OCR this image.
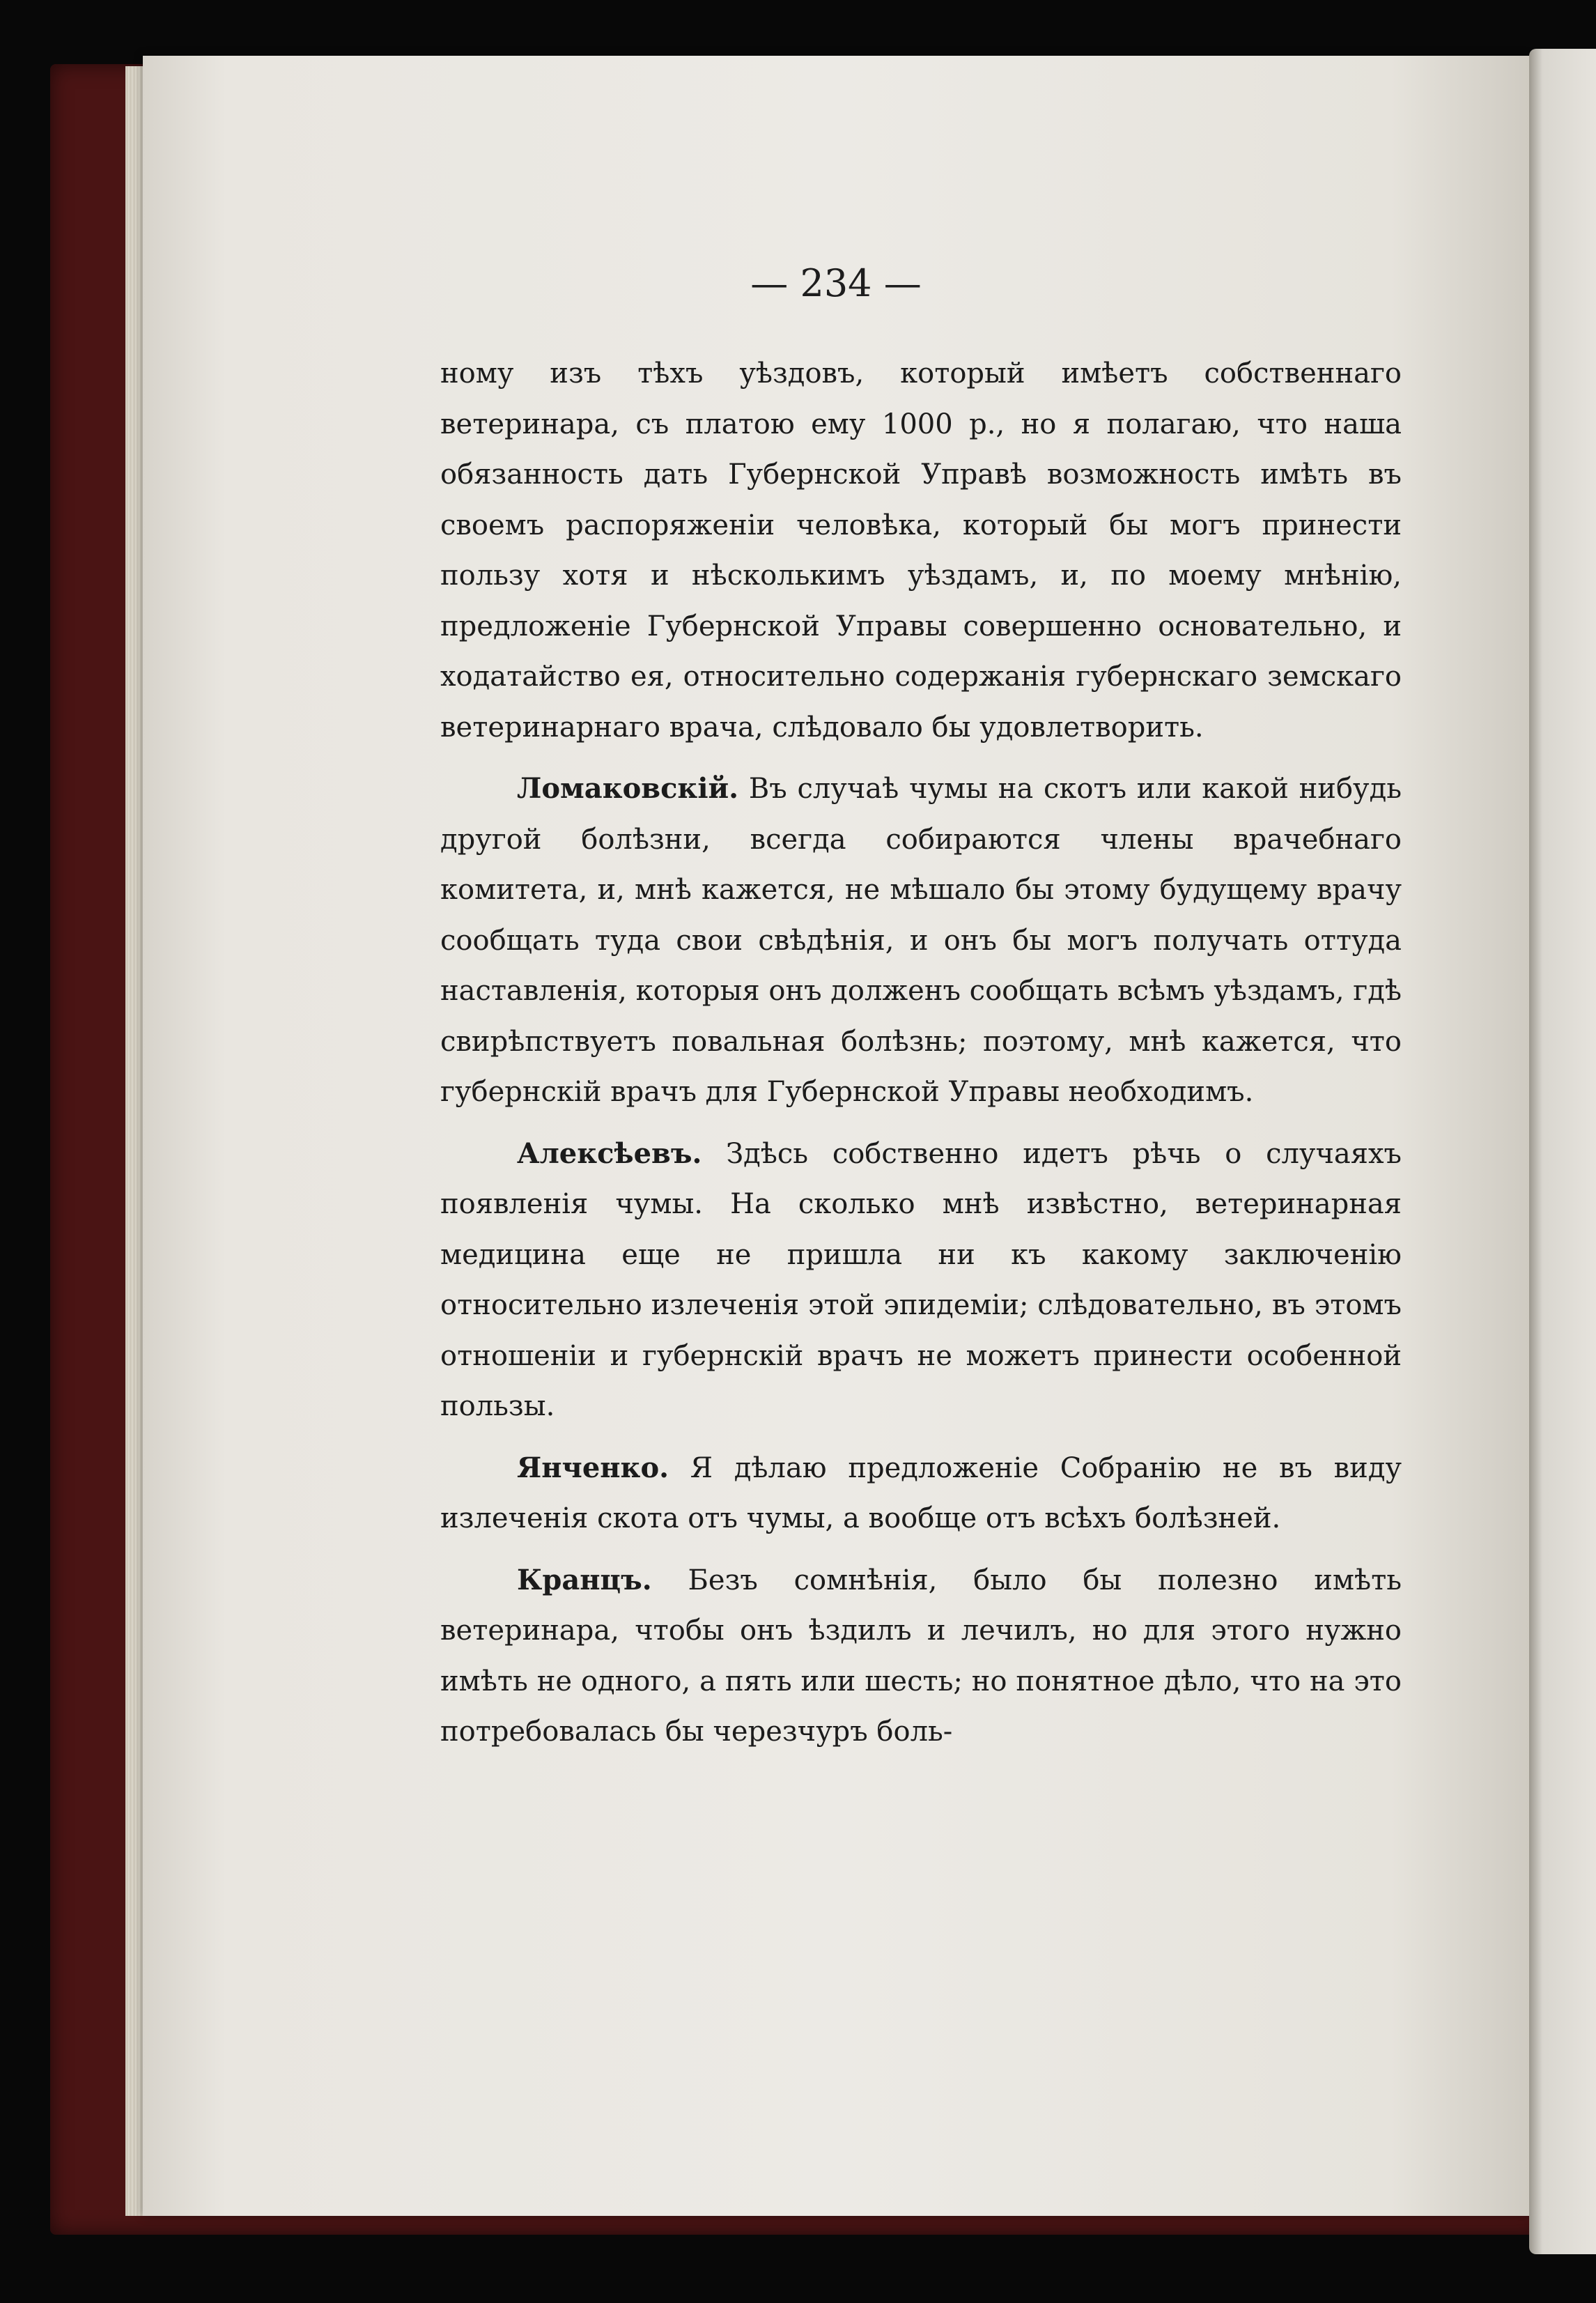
— 234 —

ному изъ тѣхъ уѣздовъ, который имѣетъ собственнаго ветеринара, съ платою ему 1000 р., но я полагаю, что наша обязанность дать Губернской Управѣ возможность имѣть въ своемъ распоряженіи человѣка, который бы могъ принести пользу хотя и нѣсколькимъ уѣздамъ, и, по моему мнѣнію, предложеніе Губернской Управы совершенно основательно, и ходатайство ея, относительно содержанія губернскаго земскаго ветеринарнаго врача, слѣдовало бы удовлетворить.

Ломаковскій. Въ случаѣ чумы на скотъ или какой нибудь другой болѣзни, всегда собираются члены врачебнаго комитета, и, мнѣ кажется, не мѣшало бы этому будущему врачу сообщать туда свои свѣдѣнія, и онъ бы могъ получать оттуда наставленія, которыя онъ долженъ сообщать всѣмъ уѣздамъ, гдѣ свирѣпствуетъ повальная болѣзнь; поэтому, мнѣ кажется, что губернскій врачъ для Губернской Управы необходимъ.

Алексѣевъ. Здѣсь собственно идетъ рѣчь о случаяхъ появленія чумы. На сколько мнѣ извѣстно, ветеринарная медицина еще не пришла ни къ какому заключенію относительно излеченія этой эпидеміи; слѣдовательно, въ этомъ отношеніи и губернскій врачъ не можетъ принести особенной пользы.

Янченко. Я дѣлаю предложеніе Собранію не въ виду излеченія скота отъ чумы, а вообще отъ всѣхъ болѣзней.

Кранцъ. Безъ сомнѣнія, было бы полезно имѣть ветеринара, чтобы онъ ѣздилъ и лечилъ, но для этого нужно имѣть не одного, а пять или шесть; но понятное дѣло, что на это потребовалась бы черезчуръ боль-
